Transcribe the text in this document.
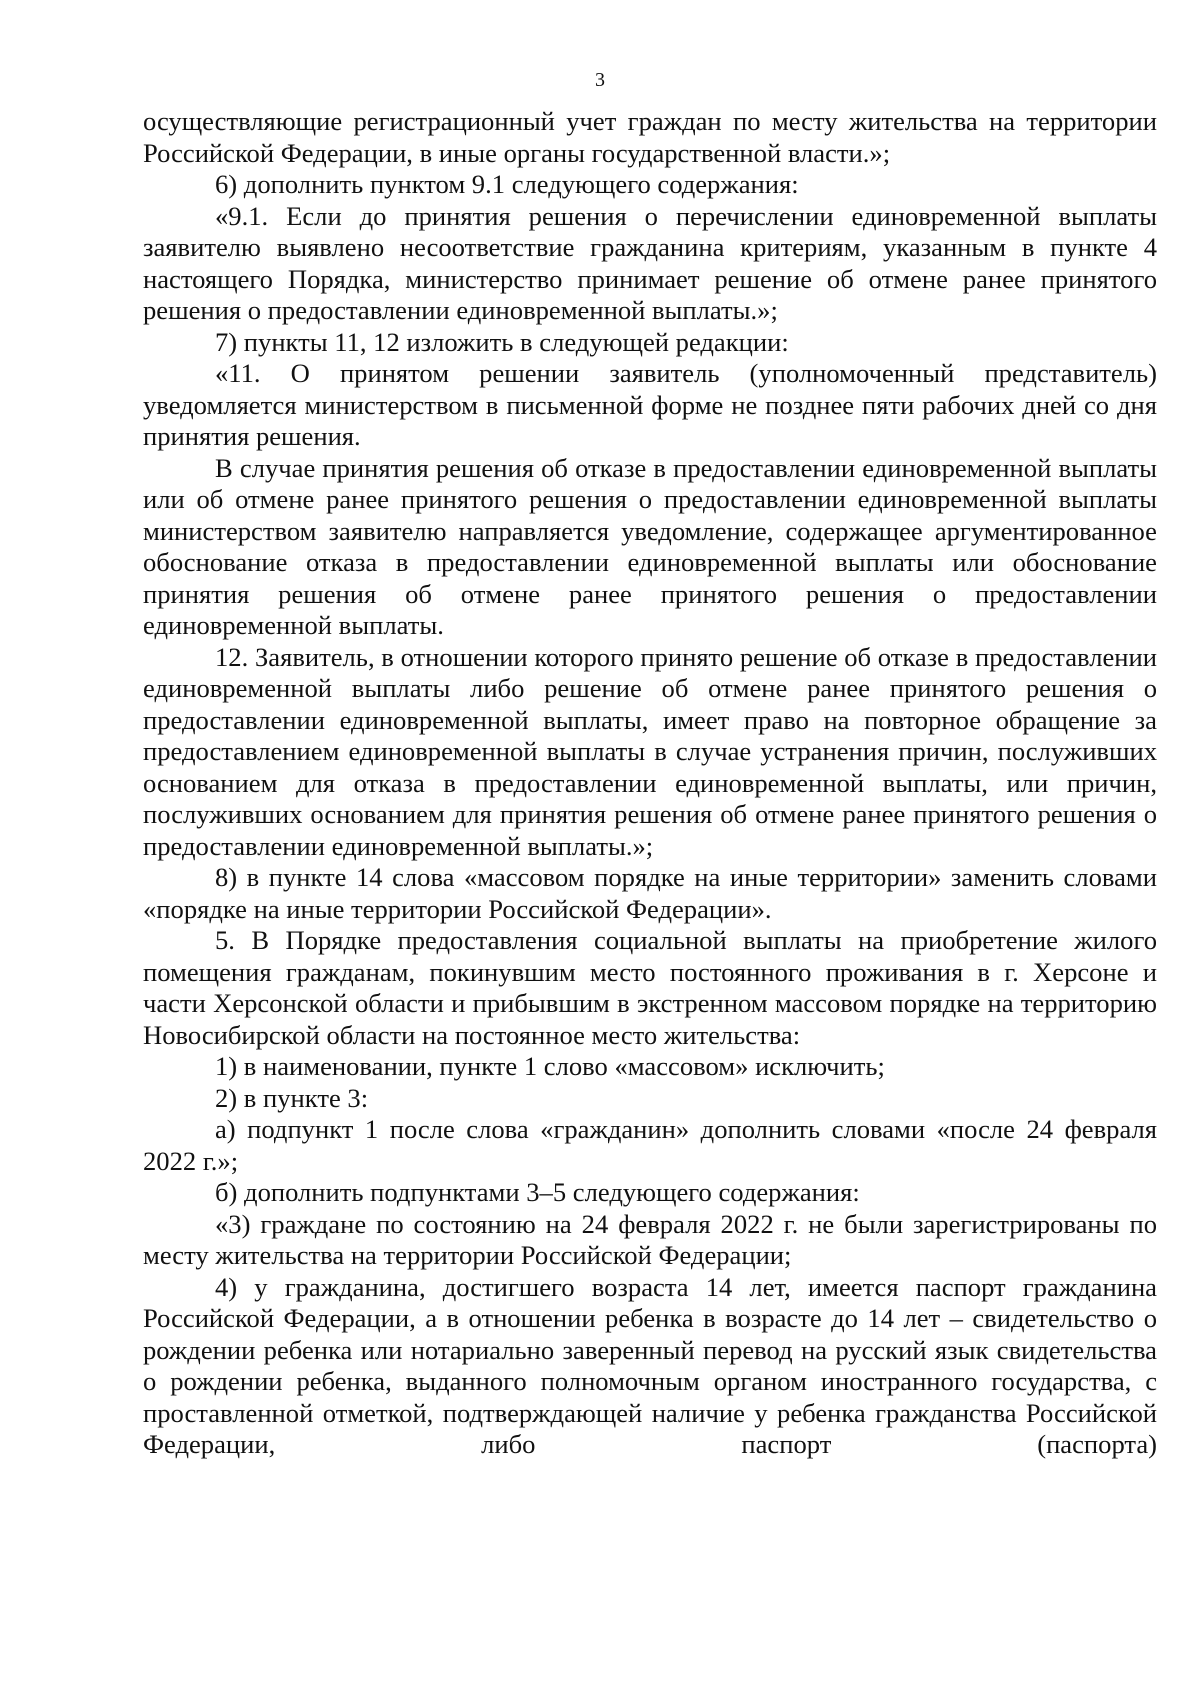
3

осуществляющие регистрационный учет граждан по месту жительства на территории Российской Федерации, в иные органы государственной власти.»;

6) дополнить пунктом 9.1 следующего содержания:

«9.1. Если до принятия решения о перечислении единовременной выплаты заявителю выявлено несоответствие гражданина критериям, указанным в пункте 4 настоящего Порядка, министерство принимает решение об отмене ранее принятого решения о предоставлении единовременной выплаты.»;

7) пункты 11, 12 изложить в следующей редакции:

«11. О принятом решении заявитель (уполномоченный представитель) уведомляется министерством в письменной форме не позднее пяти рабочих дней со дня принятия решения.

В случае принятия решения об отказе в предоставлении единовременной выплаты или об отмене ранее принятого решения о предоставлении единовременной выплаты министерством заявителю направляется уведомление, содержащее аргументированное обоснование отказа в предоставлении единовременной выплаты или обоснование принятия решения об отмене ранее принятого решения о предоставлении единовременной выплаты.

12. Заявитель, в отношении которого принято решение об отказе в предоставлении единовременной выплаты либо решение об отмене ранее принятого решения о предоставлении единовременной выплаты, имеет право на повторное обращение за предоставлением единовременной выплаты в случае устранения причин, послуживших основанием для отказа в предоставлении единовременной выплаты, или причин, послуживших основанием для принятия решения об отмене ранее принятого решения о предоставлении единовременной выплаты.»;

8) в пункте 14 слова «массовом порядке на иные территории» заменить словами «порядке на иные территории Российской Федерации».

5. В Порядке предоставления социальной выплаты на приобретение жилого помещения гражданам, покинувшим место постоянного проживания в г. Херсоне и части Херсонской области и прибывшим в экстренном массовом порядке на территорию Новосибирской области на постоянное место жительства:

1) в наименовании, пункте 1 слово «массовом» исключить;

2) в пункте 3:

а) подпункт 1 после слова «гражданин» дополнить словами «после 24 февраля 2022 г.»;

б) дополнить подпунктами 3–5 следующего содержания:

«3) граждане по состоянию на 24 февраля 2022 г. не были зарегистрированы по месту жительства на территории Российской Федерации;

4) у гражданина, достигшего возраста 14 лет, имеется паспорт гражданина Российской Федерации, а в отношении ребенка в возрасте до 14 лет – свидетельство о рождении ребенка или нотариально заверенный перевод на русский язык свидетельства о рождении ребенка, выданного полномочным органом иностранного государства, с проставленной отметкой, подтверждающей наличие у ребенка гражданства Российской Федерации, либо паспорт (паспорта)
